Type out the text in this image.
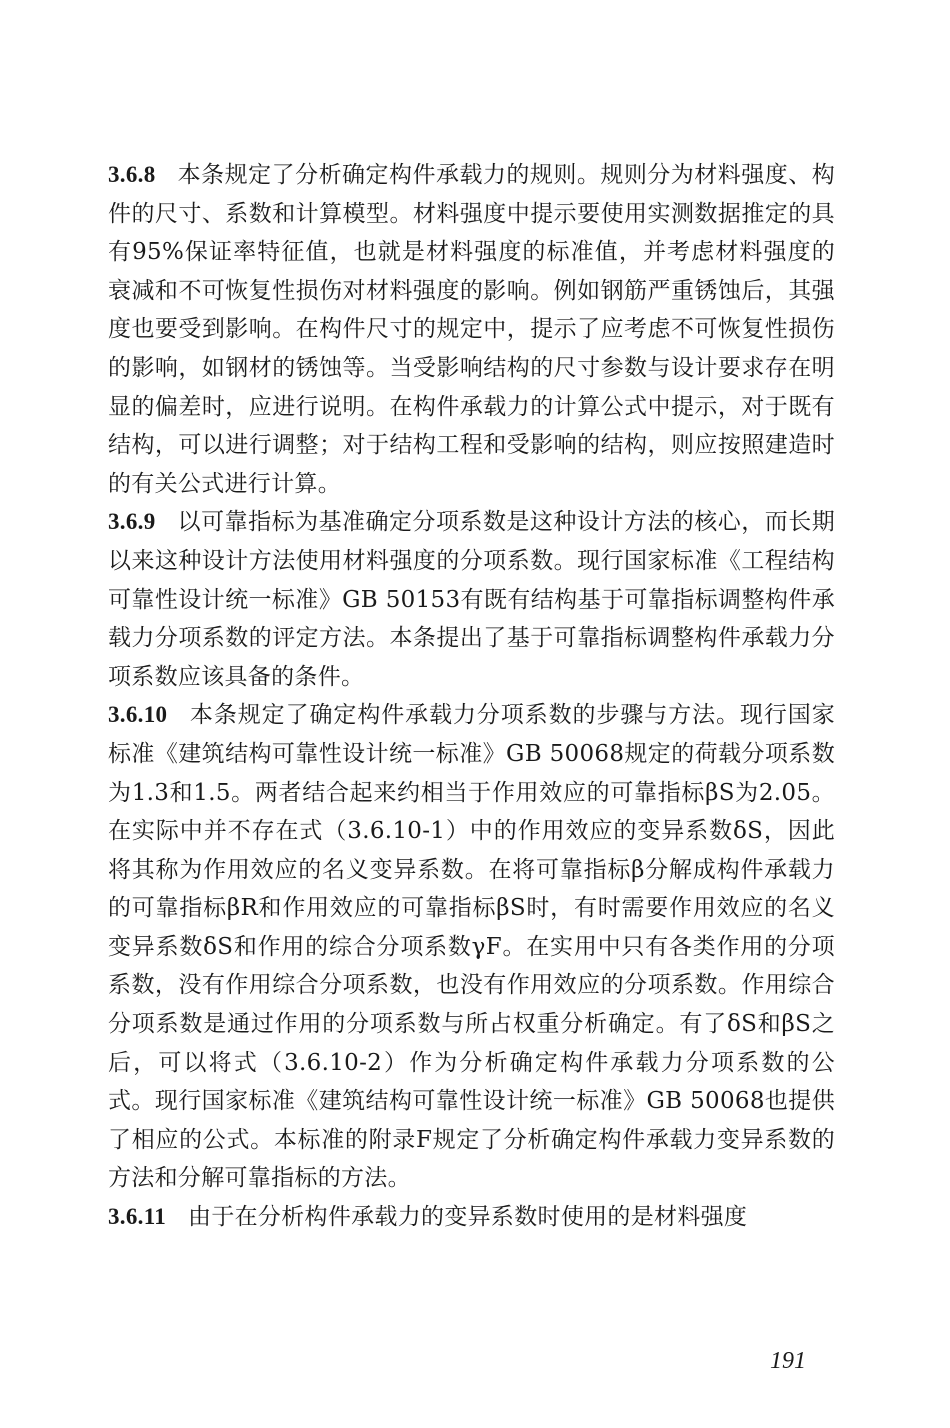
3.6.8 本条规定了分析确定构件承载力的规则。规则分为材料强度、构件的尺寸、系数和计算模型。材料强度中提示要使用实测数据推定的具有95%保证率特征值，也就是材料强度的标准值，并考虑材料强度的衰减和不可恢复性损伤对材料强度的影响。例如钢筋严重锈蚀后，其强度也要受到影响。在构件尺寸的规定中，提示了应考虑不可恢复性损伤的影响，如钢材的锈蚀等。当受影响结构的尺寸参数与设计要求存在明显的偏差时，应进行说明。在构件承载力的计算公式中提示，对于既有结构，可以进行调整；对于结构工程和受影响的结构，则应按照建造时的有关公式进行计算。

3.6.9 以可靠指标为基准确定分项系数是这种设计方法的核心，而长期以来这种设计方法使用材料强度的分项系数。现行国家标准《工程结构可靠性设计统一标准》GB 50153有既有结构基于可靠指标调整构件承载力分项系数的评定方法。本条提出了基于可靠指标调整构件承载力分项系数应该具备的条件。

3.6.10 本条规定了确定构件承载力分项系数的步骤与方法。现行国家标准《建筑结构可靠性设计统一标准》GB 50068规定的荷载分项系数为1.3和1.5。两者结合起来约相当于作用效应的可靠指标βS为2.05。在实际中并不存在式（3.6.10-1）中的作用效应的变异系数δS，因此将其称为作用效应的名义变异系数。在将可靠指标β分解成构件承载力的可靠指标βR和作用效应的可靠指标βS时，有时需要作用效应的名义变异系数δS和作用的综合分项系数γF。在实用中只有各类作用的分项系数，没有作用综合分项系数，也没有作用效应的分项系数。作用综合分项系数是通过作用的分项系数与所占权重分析确定。有了δS和βS之后，可以将式（3.6.10-2）作为分析确定构件承载力分项系数的公式。现行国家标准《建筑结构可靠性设计统一标准》GB 50068也提供了相应的公式。本标准的附录F规定了分析确定构件承载力变异系数的方法和分解可靠指标的方法。

3.6.11 由于在分析构件承载力的变异系数时使用的是材料强度

191
